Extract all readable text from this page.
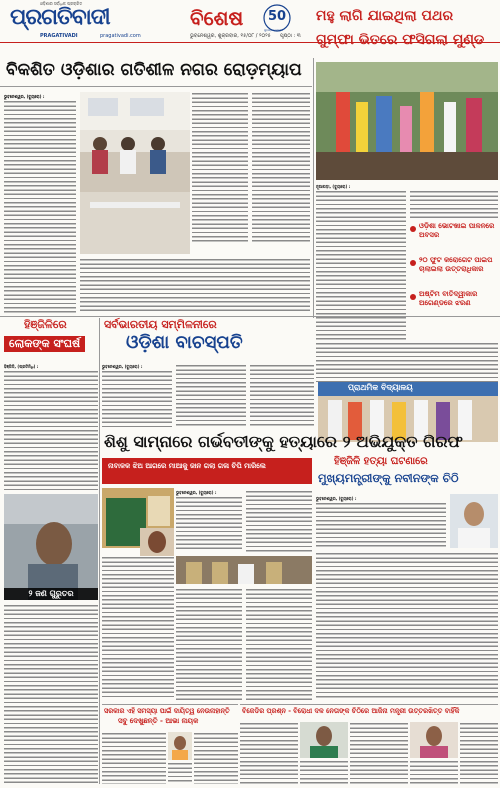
ଓଡ଼ିଶାର ସର୍ବାଧିକ ପ୍ରଚାରିତ
ପ୍ରଗତିବାଦୀ
PRAGATIVADI	pragativadi.com
ବିଶେଷ 50
ସୁବର୍ଣ୍ଣ ଜୟନ୍ତୀ
ଭୁବନେଶ୍ୱର, ଶୁକ୍ରବାର, ୧୫/୦୮ / ୨୦୨୫ ପୃଷ୍ଠା : ୩
ମହୁ ଲାଗି ଯାଇଥିଲା ପଥର
ଗୁମ୍ଫା ଭିତରେ ଫସିଗଲା ମୁଣ୍ଡ
ବିକଶିତ ଓଡ଼ିଶାର ଗତିଶୀଳ ନଗର ରୋଡ଼ମ୍ୟାପ
ଭୁବନେଶ୍ୱର, (ବ୍ୟୁରୋ) :
ନୂଆପଡ଼ା, (ବ୍ୟୁରୋ) :
ଓଡ଼ିଶା ଭୋଟଖାଇ ପାଳନରେ ଅବସର
୨୦ ଫୁଟ କରୋଗେଟ ପାଇପ ଚାଲାଇଲା ଉତ୍ତରାଧିକାର
ଅଷ୍ଟିମ ବାତିଦ୍ୱୀକାର ଅଗେଣ୍ଡରେ ଝରଣ
ହିଞ୍ଜିଳିରେ
ଲୋକଙ୍କ ସଂଘର୍ଷ
ହିଞ୍ଜିଳି, (ପ୍ରତିନିଧି) :
୨ ଜଣ ଗୁରୁତର
ସର୍ବଭାରତୀୟ ସମ୍ମିଳନୀରେ
ଓଡ଼ିଶା ବାଚସ୍ପତି
ଭୁବନେଶ୍ୱର, (ବ୍ୟୁରୋ) :
ପ୍ରାଥମିକ ବିଦ୍ୟାଳୟ
ଶିଶୁ ସାମ୍ନାରେ ଗର୍ଭବତୀଙ୍କୁ ହତ୍ୟାରେ ୨ ଅଭିଯୁକ୍ତ ଗିରଫ
ନାବାଳକ ଝିଅ ଆଗରେ ମାଆକୁ ଜାନ ଗଲା ଗଳା ଚିପି ମାରିଲେ
ଭୁବନେଶ୍ୱର, (ବ୍ୟୁରୋ) :
ହିଞ୍ଜିଳି ହତ୍ୟା ଘଟଣାରେ
ମୁଖ୍ୟମନ୍ତ୍ରୀଙ୍କୁ ନବୀନଙ୍କ ଚିଠି
ଭୁବନେଶ୍ୱର, (ବ୍ୟୁରୋ) :
ସରକାର ଏହି ସମସ୍ୟା ପାଇଁ ଦାୟିତ୍ୱ ନେଉନାହାନ୍ତି
ସବୁ ଦେଖୁଛନ୍ତି - ଆଭା ନାୟକ
ବିଜେଡିର ପ୍ରଶ୍ନ - ବିରୋଧୀ ଦଳ ନେତାଙ୍କ ଚିଠିରେ ଆଜିନା ମନ୍ତ୍ରୀ ଉତ୍ତରଖିତ୍ତ ବାହିଁକି
